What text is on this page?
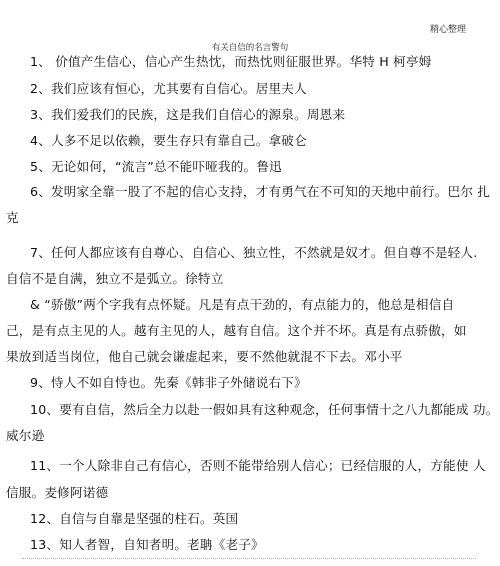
精心整理
有关自信的名言警句
1、 价值产生信心，信心产生热忱，而热忱则征服世界。华特 H 柯亭姆
2、我们应该有恒心，尤其要有自信心。居里夫人
3、我们爱我们的民族，这是我们自信心的源泉。周恩来
4、人多不足以依赖，要生存只有靠自己。拿破仑
5、无论如何，“流言”总不能吓哑我的。鲁迅
6、发明家全靠一股了不起的信心支持，才有勇气在不可知的天地中前行。巴尔 扎
克
7、任何人都应该有自尊心、自信心、独立性，不然就是奴才。但自尊不是轻人.
自信不是自满，独立不是弧立。徐特立
& “骄傲”两个字我有点怀疑。凡是有点干劲的，有点能力的，他总是相信自
己，是有点主见的人。越有主见的人，越有自信。这个并不坏。真是有点骄傲，如
果放到适当岗位，他自己就会谦虚起来，要不然他就混不下去。邓小平
9、恃人不如自恃也。先秦《韩非子外储说右下》
10、要有自信，然后全力以赴一假如具有这种观念，任何事情十之八九都能成 功。
威尔逊
11、一个人除非自己有信心，否则不能带给别人信心；已经信服的人，方能使 人
信服。麦修阿诺德
12、自信与自靠是坚强的柱石。英国
13、知人者智，自知者明。老聃《老子》
